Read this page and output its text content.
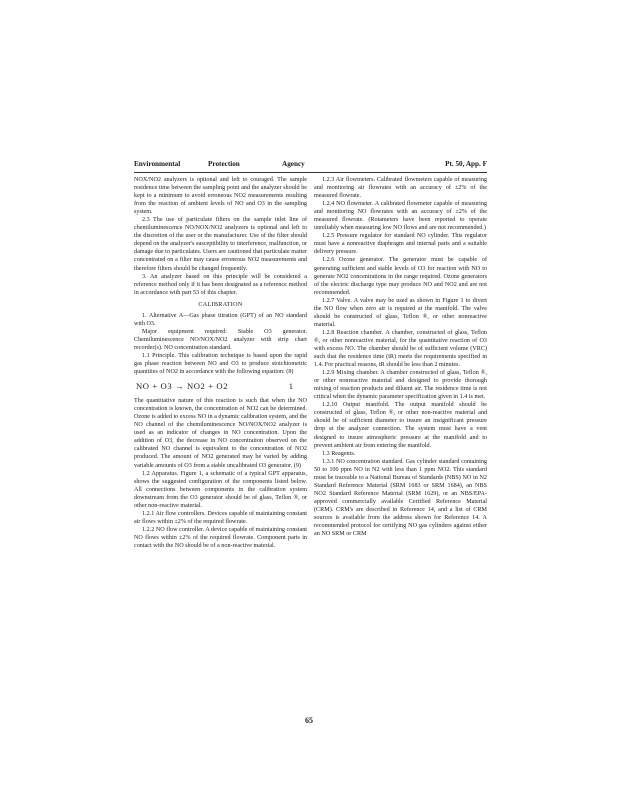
Environmental	Protection	Agency	Pt. 50, App. F

NOX/NO2 analyzers is optional and left to couraged. The sample residence time between the sampling point and the analyzer should be kept to a minimum to avoid erroneous NO2 measurements resulting from the reaction of ambient levels of NO and O3 in the sampling system.

2.3 The use of particulate filters on the sample inlet line of chemiluminescence NO/NOX/NO2 analyzers is optional and left to the discretion of the user or the manufacturer. Use of the filter should depend on the analyzer's susceptibility to interference, malfunction, or damage due to particulates. Users are cautioned that particulate matter concentrated on a filter may cause erroneous NO2 measurements and therefore filters should be changed frequently.

3. An analyzer based on this principle will be considered a reference method only if it has been designated as a reference method in accordance with part 53 of this chapter.

CALIBRATION

1. Alternative A—Gas phase titration (GPT) of an NO standard with O3.

Major equipment required: Stable O3 generator. Chemiluminescence NO/NOX/NO2 analyzer with strip chart recorder(s). NO concentration standard.

1.1 Principle. This calibration technique is based upon the rapid gas phase reaction between NO and O3 to produce stoichiometric quantities of NO2 in accordance with the following equation: (8)

NO + O3 → NO2 + O2	1

The quantitative nature of this reaction is such that when the NO concentration is known, the concentration of NO2 can be determined. Ozone is added to excess NO in a dynamic calibration system, and the NO channel of the chemiluminescence NO/NOX/NO2 analyzer is used as an indicator of changes in NO concentration. Upon the addition of O3, the decrease in NO concentration observed on the calibrated NO channel is equivalent to the concentration of NO2 produced. The amount of NO2 generated may be varied by adding variable amounts of O3 from a stable uncalibrated O3 generator. (9)

1.2 Apparatus. Figure 1, a schematic of a typical GPT apparatus, shows the suggested configuration of the components listed below. All connections between components in the calibration system downstream from the O3 generator should be of glass, Teflon ®, or other non-reactive material.

1.2.1 Air flow controllers. Devices capable of maintaining constant air flows within ±2% of the required flowrate.

1.2.2 NO flow controller. A device capable of maintaining constant NO flows within ±2% of the required flowrate. Component parts in contact with the NO should be of a non-reactive material.

1.2.3 Air flowmeters. Calibrated flowmeters capable of measuring and monitoring air flowrates with an accuracy of ±2% of the measured flowrate.

1.2.4 NO flowmeter. A calibrated flowmeter capable of measuring and monitoring NO flowrates with an accuracy of ±2% of the measured flowrate. (Rotameters have been reported to operate unreliably when measuring low NO flows and are not recommended.)

1.2.5 Pressure regulator for standard NO cylinder. This regulator must have a nonreactive diaphragm and internal parts and a suitable delivery pressure.

1.2.6 Ozone generator. The generator must be capable of generating sufficient and stable levels of O3 for reaction with NO to generate NO2 concentrations in the range required. Ozone generators of the electric discharge type may produce NO and NO2 and are not recommended.

1.2.7 Valve. A valve may be used as shown in Figure 1 to divert the NO flow when zero air is required at the manifold. The valve should be constructed of glass, Teflon ®, or other nonreactive material.

1.2.8 Reaction chamber. A chamber, constructed of glass, Teflon ®, or other nonreactive material, for the quantitative reaction of O3 with excess NO. The chamber should be of sufficient volume (VRC) such that the residence time (tR) meets the requirements specified in 1.4. For practical reasons, tR should be less than 2 minutes.

1.2.9 Mixing chamber. A chamber constructed of glass, Teflon ®, or other nonreactive material and designed to provide thorough mixing of reaction products and diluent air. The residence time is not critical when the dynamic parameter specification given in 1.4 is met.

1.2.10 Output manifold. The output manifold should be constructed of glass, Teflon ®, or other non-reactive material and should be of sufficient diameter to insure an insignificant pressure drop at the analyzer connection. The system must have a vent designed to insure atmospheric pressure at the manifold and to prevent ambient air from entering the manifold.

1.3 Reagents.

1.3.1 NO concentration standard. Gas cylinder standard containing 50 to 100 ppm NO in N2 with less than 1 ppm NO2. This standard must be traceable to a National Bureau of Standards (NBS) NO in N2 Standard Reference Material (SRM 1683 or SRM 1684), an NBS NO2 Standard Reference Material (SRM 1629), or an NBS/EPA-approved commercially available Certified Reference Material (CRM). CRM's are described in Reference 14, and a list of CRM sources is available from the address shown for Reference 14. A recommended protocol for certifying NO gas cylinders against either an NO SRM or CRM

65
